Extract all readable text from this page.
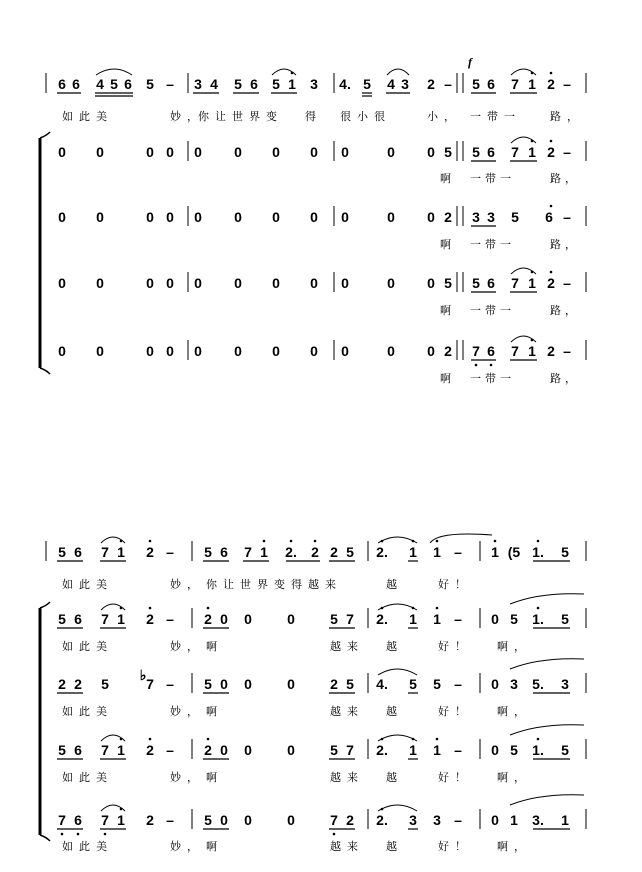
6 6 4 5 6 5 – 3 4 5 6 5 1 3 4. 5 4 3 2 – 5 6 7 1 2 –
如此美	妙，
你让世界变 得 很小很	小， 一带一	路，
0 0	0 0 0 0 0 0 0	0 0 5 5 6 7 1 2 –
啊 一带一	路，
0 0	0 0 0 0 0 0 0	0 0 2 3 3 5 6 –
啊 一带一	路，
0 0	0 0 0 0 0 0 0	0 0 5 5 6 7 1 2 –
啊 一带一	路，
0 0	0 0 0 0 0 0 0	0 0 2 7 6 7 1 2 –
啊 一带一	路，
5 6 7 1 2 – 5 6 7 1 2. 2 2 5 2. 1 1 – 1 (5 1. 5
如此美	妙， 你让世界变得越来	越	好！
5 6 7 1 2 – 2 0 0	0	5 7 2. 1 1 – 0 5 1. 5
如此美	妙， 啊	越来 越	好！ 啊，
2 2 5	7 – 5 0 0	0	2 5 4. 5 5 – 0 3 5. 3
如此美	妙， 啊	越来 越	好！ 啊，
5 6 7 1 2 – 2 0 0	0	5 7 2. 1 1 – 0 5 1. 5
如此美	妙， 啊	越来 越	好！ 啊，
7 6 7 1 2 – 5 0 0	0	7 2 2. 3 3 – 0 1 3. 1
如此美	妙， 啊	越来 越	好！ 啊，
f
♭
